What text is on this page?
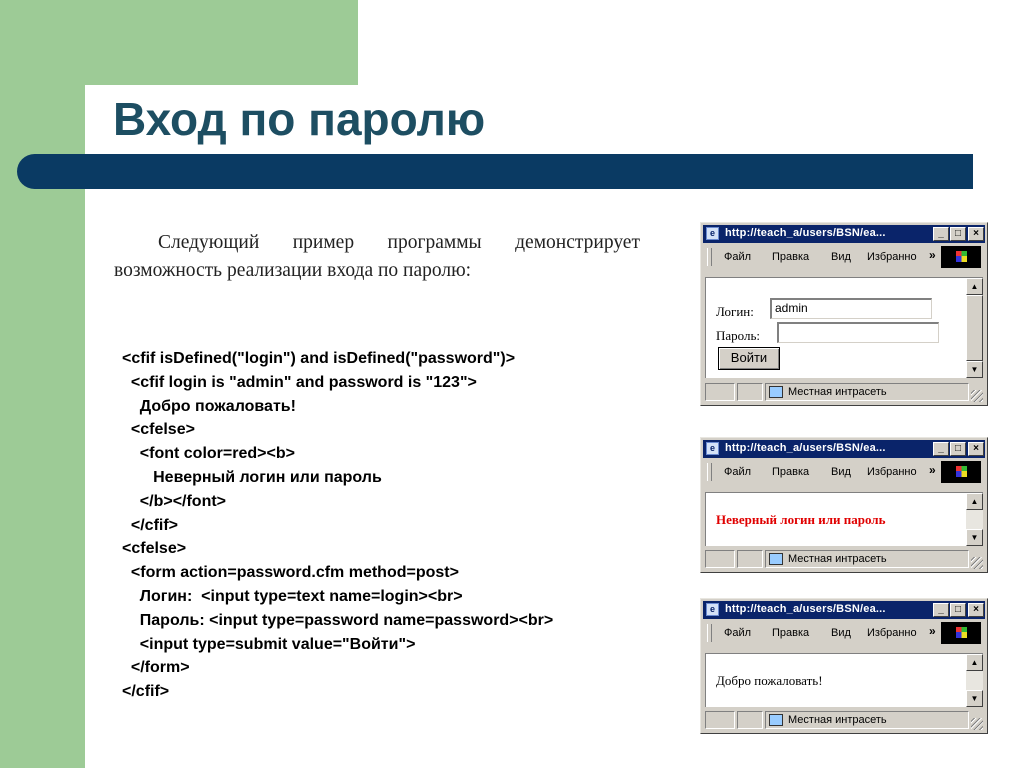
Вход по паролю

Следующий пример программы демонстрирует возможность реализации входа по паролю:

<cfif isDefined("login") and isDefined("password")>
<cfif login is "admin" and password is "123">
Добро пожаловать!
<cfelse>
<font color=red><b>
Неверный логин или пароль
</b></font>
</cfif>
<cfelse>
<form action=password.cfm method=post>
Логин:  <input type=text name=login><br>
Пароль: <input type=password name=password><br>
<input type=submit value="Войти">
</form>
</cfif>
e http://teach_a/users/BSN/ea...	_	□	×
Файл Правка Вид Избранно »
Логин:	admin
Пароль:
Войти
▲
▼
Местная интрасеть
e http://teach_a/users/BSN/ea...	_	□	×
Файл Правка Вид Избранно »
Неверный логин или пароль
▲
▼
Местная интрасеть
e http://teach_a/users/BSN/ea...	_	□	×
Файл Правка Вид Избранно »
Добро пожаловать!
▲
▼
Местная интрасеть
